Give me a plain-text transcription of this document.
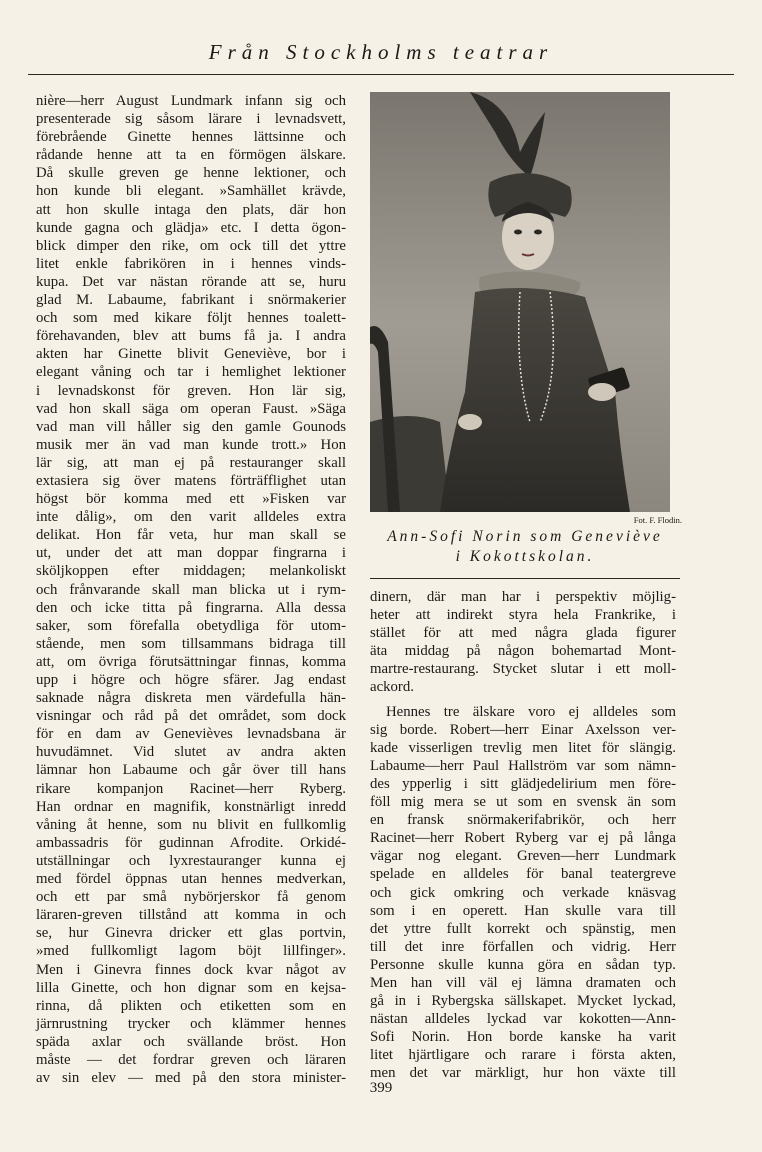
Från Stockholms teatrar
nière—herr August Lundmark infann sig och
presenterade sig såsom lärare i levnadsvett,
förebrående Ginette hennes lättsinne och
rådande henne att ta en förmögen älskare.
Då skulle greven ge henne lektioner, och
hon kunde bli elegant. »Samhället krävde,
att hon skulle intaga den plats, där hon
kunde gagna och glädja» etc. I detta ögon-
blick dimper den rike, om ock till det yttre
litet enkle fabrikören in i hennes vinds-
kupa. Det var nästan rörande att se, huru
glad M. Labaume, fabrikant i snörmakerier
och som med kikare följt hennes toalett-
förehavanden, blev att bums få ja. I andra
akten har Ginette blivit Geneviève, bor i
elegant våning och tar i hemlighet lektioner
i levnadskonst för greven. Hon lär sig,
vad hon skall säga om operan Faust. »Säga
vad man vill håller sig den gamle Gounods
musik mer än vad man kunde trott.» Hon
lär sig, att man ej på restauranger skall
extasiera sig över matens förträfflighet utan
högst bör komma med ett »Fisken var
inte dålig», om den varit alldeles extra
delikat. Hon får veta, hur man skall se
ut, under det att man doppar fingrarna i
sköljkoppen efter middagen; melankoliskt
och frånvarande skall man blicka ut i rym-
den och icke titta på fingrarna. Alla dessa
saker, som förefalla obetydliga för utom-
stående, men som tillsammans bidraga till
att, om övriga förutsättningar finnas, komma
upp i högre och högre sfärer. Jag endast
saknade några diskreta men värdefulla hän-
visningar och råd på det området, som dock
för en dam av Genevièves levnadsbana är
huvudämnet. Vid slutet av andra akten
lämnar hon Labaume och går över till hans
rikare kompanjon Racinet—herr Ryberg.
Han ordnar en magnifik, konstnärligt inredd
våning åt henne, som nu blivit en fullkomlig
ambassadris för gudinnan Afrodite. Orkidé-
utställningar och lyxrestauranger kunna ej
med fördel öppnas utan hennes medverkan,
och ett par små nybörjerskor få genom
läraren-greven tillstånd att komma in och
se, hur Ginevra dricker ett glas portvin,
»med fullkomligt lagom böjt lillfinger».
Men i Ginevra finnes dock kvar något av
lilla Ginette, och hon dignar som en kejsa-
rinna, då plikten och etiketten som en
järnrustning trycker och klämmer hennes
späda axlar och svällande bröst. Hon
måste — det fordrar greven och läraren
av sin elev — med på den stora minister-
Fot. F. Flodin.
Ann-Sofi Norin som Geneviève
i Kokottskolan.
dinern, där man har i perspektiv möjlig-
heter att indirekt styra hela Frankrike, i
stället för att med några glada figurer
äta middag på någon bohemartad Mont-
martre-restaurang. Stycket slutar i ett moll-
ackord.
Hennes tre älskare voro ej alldeles som
sig borde. Robert—herr Einar Axelsson ver-
kade visserligen trevlig men litet för slängig.
Labaume—herr Paul Hallström var som nämn-
des ypperlig i sitt glädjedelirium men före-
föll mig mera se ut som en svensk än som
en fransk snörmakerifabrikör, och herr
Racinet—herr Robert Ryberg var ej på långa
vägar nog elegant. Greven—herr Lundmark
spelade en alldeles för banal teatergreve
och gick omkring och verkade knäsvag
som i en operett. Han skulle vara till
det yttre fullt korrekt och spänstig, men
till det inre förfallen och vidrig. Herr
Personne skulle kunna göra en sådan typ.
Men han vill väl ej lämna dramaten och
gå in i Rybergska sällskapet. Mycket lyckad,
nästan alldeles lyckad var kokotten—Ann-
Sofi Norin. Hon borde kanske ha varit
litet hjärtligare och rarare i första akten,
men det var märkligt, hur hon växte till
399
